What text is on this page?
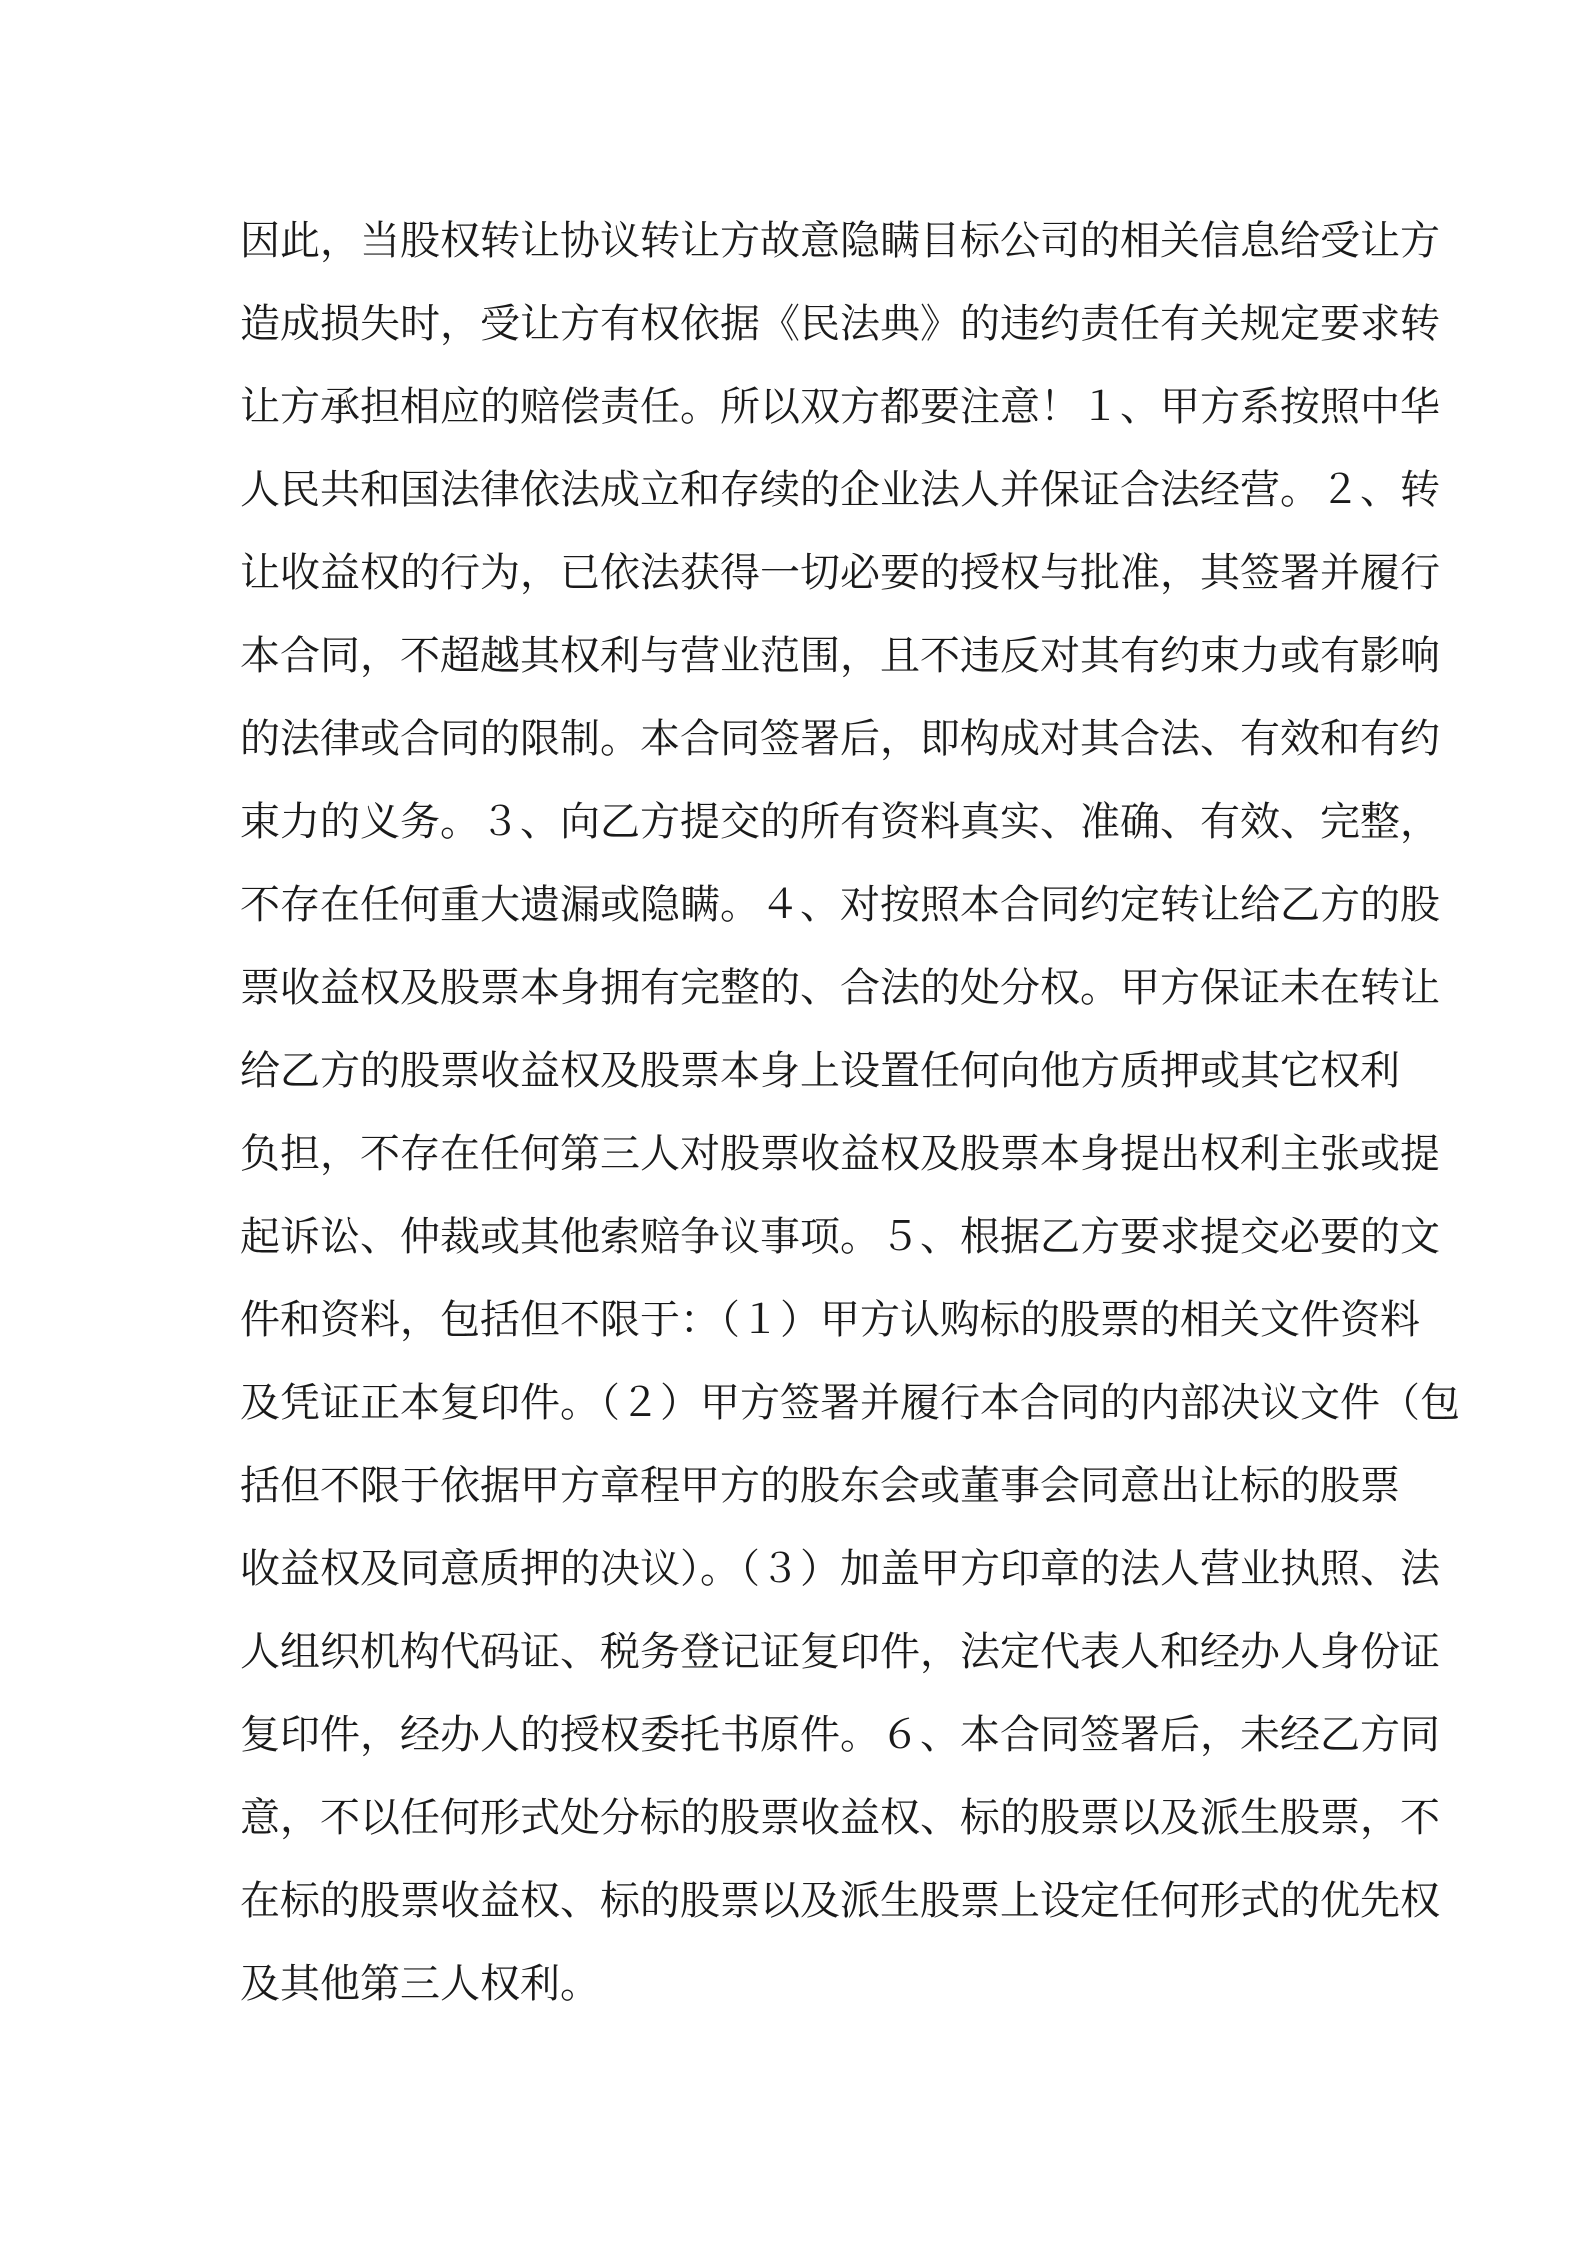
因此，当股权转让协议转让方故意隐瞒目标公司的相关信息给受让方
造成损失时，受让方有权依据《民法典》的违约责任有关规定要求转
让方承担相应的赔偿责任。所以双方都要注意！１、甲方系按照中华
人民共和国法律依法成立和存续的企业法人并保证合法经营。２、转
让收益权的行为，已依法获得一切必要的授权与批准，其签署并履行
本合同，不超越其权利与营业范围，且不违反对其有约束力或有影响
的法律或合同的限制。本合同签署后，即构成对其合法、有效和有约
束力的义务。３、向乙方提交的所有资料真实、准确、有效、完整，
不存在任何重大遗漏或隐瞒。４、对按照本合同约定转让给乙方的股
票收益权及股票本身拥有完整的、合法的处分权。甲方保证未在转让
给乙方的股票收益权及股票本身上设置任何向他方质押或其它权利
负担，不存在任何第三人对股票收益权及股票本身提出权利主张或提
起诉讼、仲裁或其他索赔争议事项。５、根据乙方要求提交必要的文
件和资料，包括但不限于：（１）甲方认购标的股票的相关文件资料
及凭证正本复印件。（２）甲方签署并履行本合同的内部决议文件（包
括但不限于依据甲方章程甲方的股东会或董事会同意出让标的股票
收益权及同意质押的决议）。（３）加盖甲方印章的法人营业执照、法
人组织机构代码证、税务登记证复印件，法定代表人和经办人身份证
复印件，经办人的授权委托书原件。６、本合同签署后，未经乙方同
意，不以任何形式处分标的股票收益权、标的股票以及派生股票，不
在标的股票收益权、标的股票以及派生股票上设定任何形式的优先权
及其他第三人权利。
